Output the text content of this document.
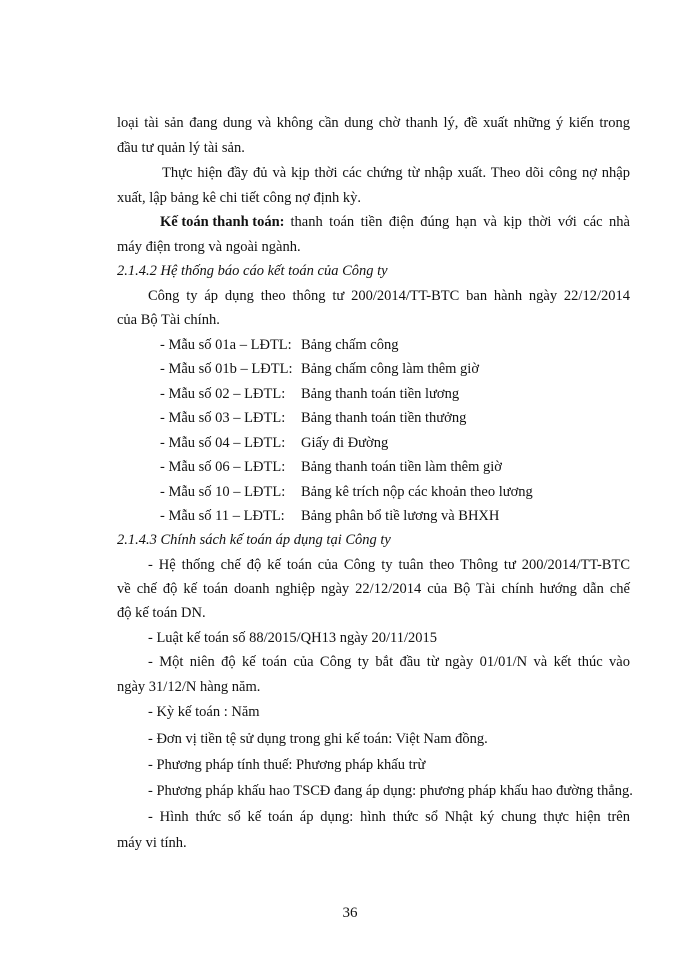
loại tài sản đang dung và không cần dung chờ thanh lý, đề xuất những ý kiến trong
đầu tư quản lý tài sản.
Thực hiện đầy đủ và kịp thời các chứng từ nhập xuất. Theo dõi công nợ nhập
xuất, lập bảng kê chi tiết công nợ định kỳ.
Kế toán thanh toán: thanh toán tiền điện đúng hạn và kịp thời với các nhà
máy điện trong và ngoài ngành.
2.1.4.2 Hệ thống báo cáo kết toán của Công ty
Công ty áp dụng theo thông tư 200/2014/TT-BTC ban hành ngày 22/12/2014
của Bộ Tài chính.
- Mẫu số 01a – LĐTL: Bảng chấm công
- Mẫu số 01b – LĐTL: Bảng chấm công làm thêm giờ
- Mẫu số 02 – LĐTL: Bảng thanh toán tiền lương
- Mẫu số 03 – LĐTL: Bảng thanh toán tiền thưởng
- Mẫu số 04 – LĐTL: Giấy đi Đường
- Mẫu số 06 – LĐTL: Bảng thanh toán tiền làm thêm giờ
- Mẫu số 10 – LĐTL: Bảng kê trích nộp các khoản theo lương
- Mẫu số 11 – LĐTL: Bảng phân bổ tiề lương và BHXH
2.1.4.3 Chính sách kế toán áp dụng tại Công ty
- Hệ thống chế độ kế toán của Công ty tuân theo Thông tư 200/2014/TT-BTC
về chế độ kế toán doanh nghiệp ngày 22/12/2014 của Bộ Tài chính hướng dẫn chế
độ kế toán DN.
- Luật kế toán số 88/2015/QH13 ngày 20/11/2015
- Một niên độ kế toán của Công ty bắt đầu từ ngày 01/01/N và kết thúc vào
ngày 31/12/N hàng năm.
- Kỳ kế toán : Năm
- Đơn vị tiền tệ sử dụng trong ghi kế toán: Việt Nam đồng.
- Phương pháp tính thuế: Phương pháp khấu trừ
- Phương pháp khấu hao TSCĐ đang áp dụng: phương pháp khấu hao đường thẳng.
- Hình thức sổ kế toán áp dụng: hình thức sổ Nhật ký chung thực hiện trên
máy vi tính.
36
